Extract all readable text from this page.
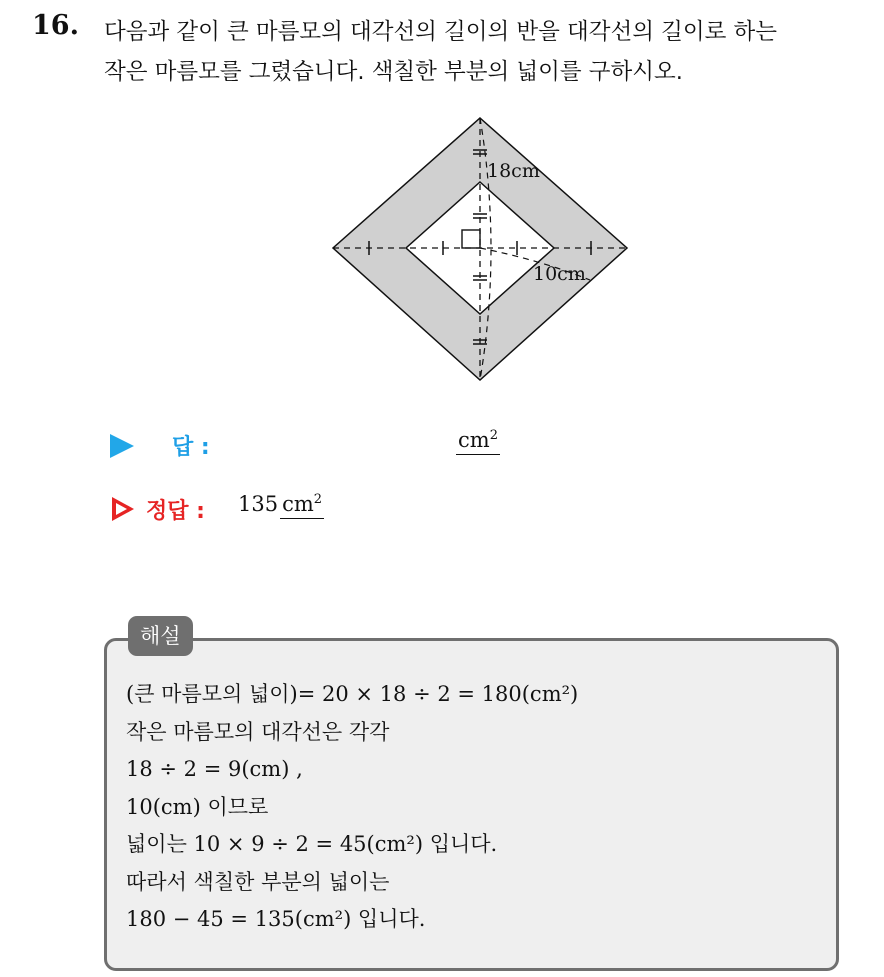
16. 다음과 같이 큰 마름모의 대각선의 길이의 반을 대각선의 길이로 하는
작은 마름모를 그렸습니다. 색칠한 부분의 넓이를 구하시오.
18cm
10cm
답 :	$cm^2$
정답 : 135 $cm^2$
해설
(큰 마름모의 넓이)= 20 × 18 ÷ 2 = 180(cm²)
작은 마름모의 대각선은 각각
18 ÷ 2 = 9(cm) ,
10(cm) 이므로
넓이는 10 × 9 ÷ 2 = 45(cm²) 입니다.
따라서 색칠한 부분의 넓이는
180 − 45 = 135(cm²) 입니다.
